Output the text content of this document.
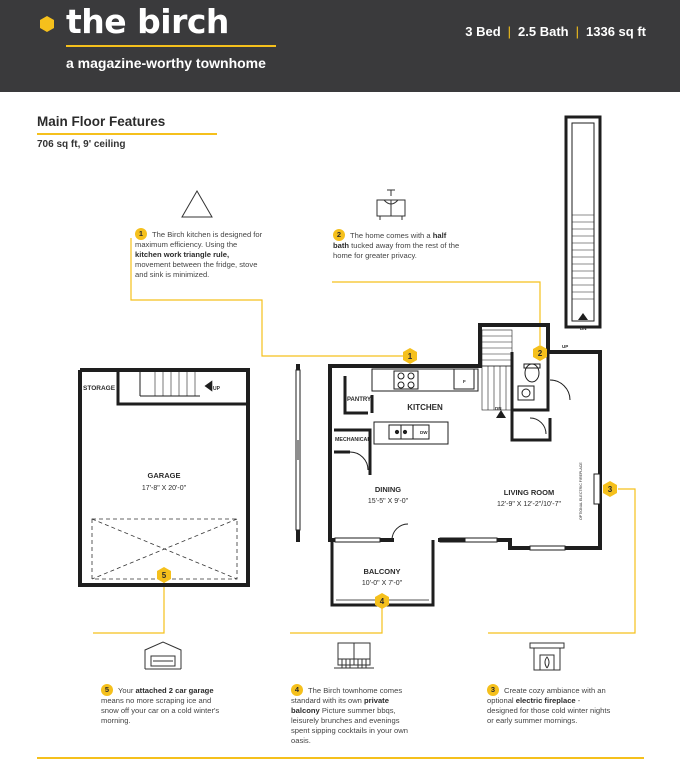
the birch
a magazine-worthy townhome
3 Bed | 2.5 Bath | 1336 sq ft
Main Floor Features
706 sq ft, 9' ceiling
STORAGE	UP
GARAGE
17'-8" X 20'-0"
PANTRY
KITCHEN
MECHANICAL
DINING
15'-5" X 9'-0"
LIVING ROOM
12'-9" X 12'-2"/10'-7"
BALCONY
10'-0" X 7'-0"
OPTIONAL ELECTRIC FIREPLACE
DN
DN
UP
F
DW
1	2
3
4
5
1 The Birch kitchen is designed for maximum efficiency. Using the kitchen work triangle rule, movement between the fridge, stove and sink is minimized.
2 The home comes with a half bath tucked away from the rest of the home for greater privacy.
5 Your attached 2 car garage means no more scraping ice and snow off your car on a cold winter's morning.
4 The Birch townhome comes standard with its own private balcony Picture summer bbqs, leisurely brunches and evenings spent sipping cocktails in your own oasis.
3 Create cozy ambiance with an optional electric fireplace - designed for those cold winter nights or early summer mornings.
